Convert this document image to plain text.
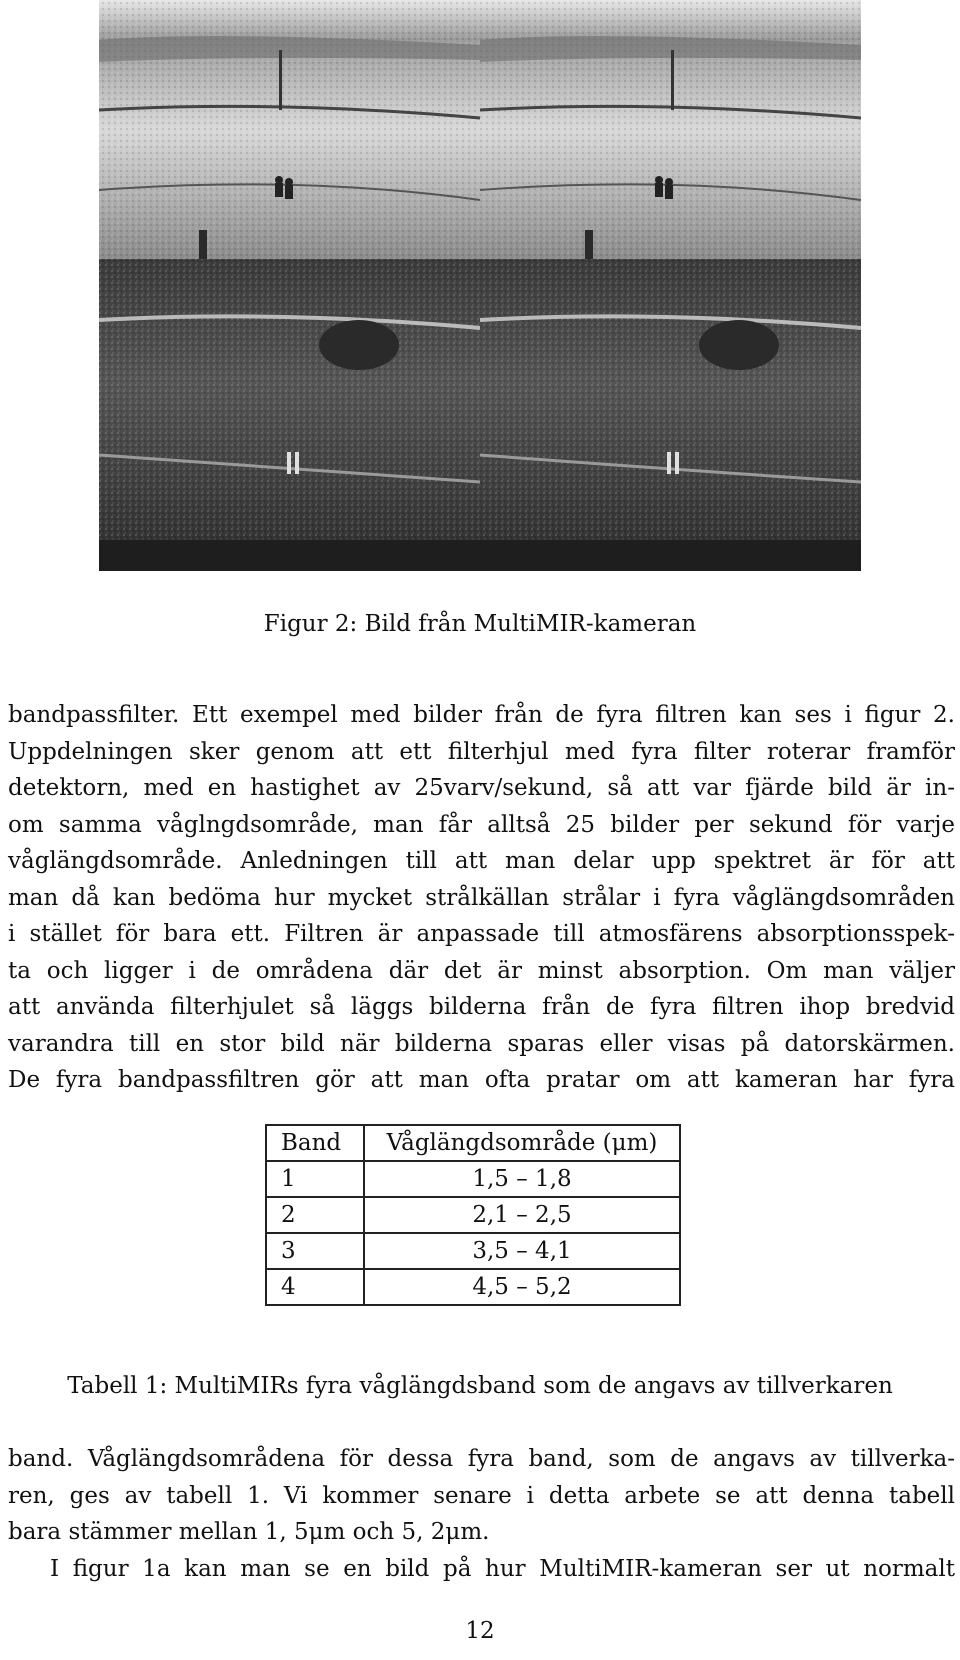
Figur 2: Bild från MultiMIR-kameran
bandpassfilter. Ett exempel med bilder från de fyra filtren kan ses i figur 2.
Uppdelningen sker genom att ett filterhjul med fyra filter roterar framför
detektorn, med en hastighet av 25varv/sekund, så att var fjärde bild är in-
om samma våglngdsområde, man får alltså 25 bilder per sekund för varje
våglängdsområde. Anledningen till att man delar upp spektret är för att
man då kan bedöma hur mycket strålkällan strålar i fyra våglängdsområden
i stället för bara ett. Filtren är anpassade till atmosfärens absorptionsspek-
ta och ligger i de områdena där det är minst absorption. Om man väljer
att använda filterhjulet så läggs bilderna från de fyra filtren ihop bredvid
varandra till en stor bild när bilderna sparas eller visas på datorskärmen.
De fyra bandpassfiltren gör att man ofta pratar om att kameran har fyra
Band	Våglängdsområde (μm)
1	1,5 – 1,8
2	2,1 – 2,5
3	3,5 – 4,1
4	4,5 – 5,2
Tabell 1: MultiMIRs fyra våglängdsband som de angavs av tillverkaren
band. Våglängdsområdena för dessa fyra band, som de angavs av tillverka-
ren, ges av tabell 1. Vi kommer senare i detta arbete se att denna tabell
bara stämmer mellan 1, 5μm och 5, 2μm.
I figur 1a kan man se en bild på hur MultiMIR-kameran ser ut normalt
12
